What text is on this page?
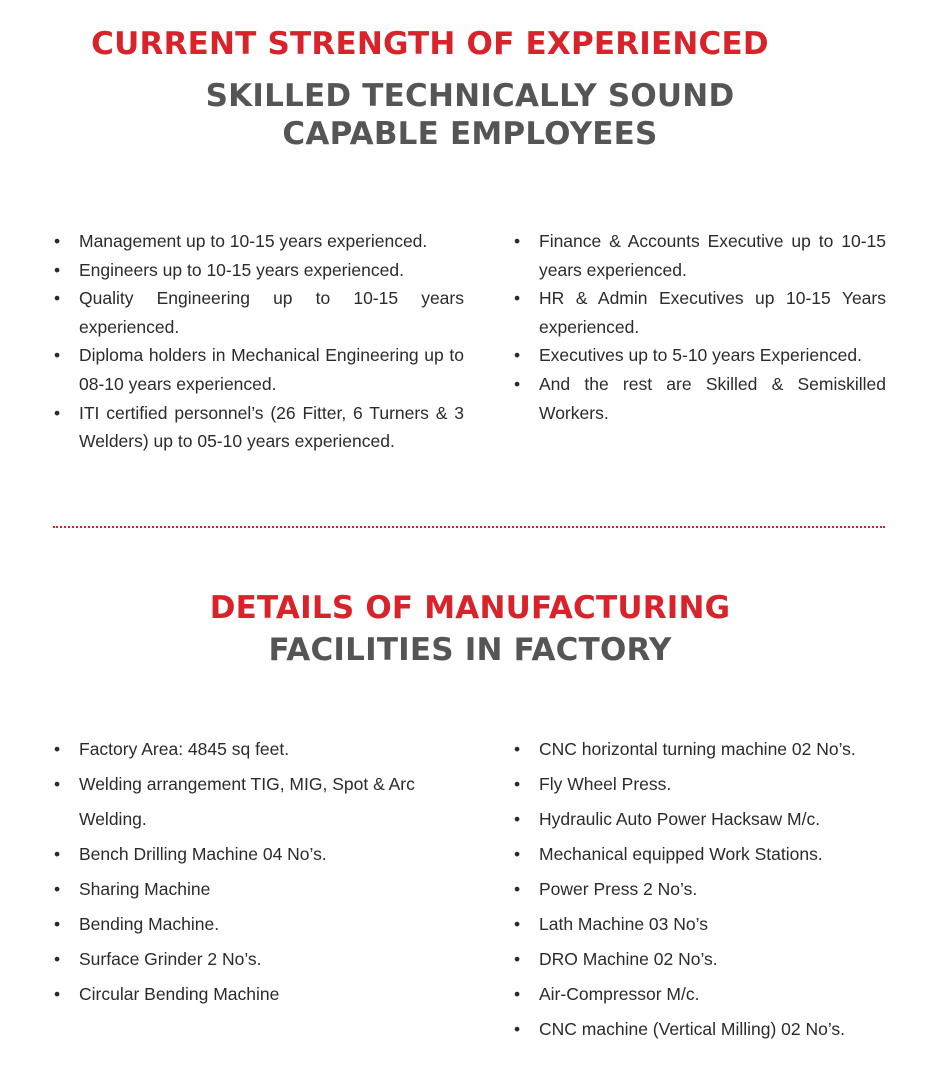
CURRENT STRENGTH OF EXPERIENCED
SKILLED TECHNICALLY SOUND
CAPABLE EMPLOYEES
• Management up to 10-15 years experienced.
• Engineers up to 10-15 years experienced.
• Quality Engineering up to 10-15 years experienced.
• Diploma holders in Mechanical Engineering up to 08-10 years experienced.
• ITI certified personnel’s (26 Fitter, 6 Turners & 3 Welders) up to 05-10 years experienced.
• Finance & Accounts Executive up to 10-15 years experienced.
• HR & Admin Executives up 10-15 Years experienced.
• Executives up to 5-10 years Experienced.
• And the rest are Skilled & Semiskilled Workers.
DETAILS OF MANUFACTURING
FACILITIES IN FACTORY
• Factory Area: 4845 sq feet.
• Welding arrangement TIG, MIG, Spot & Arc Welding.
• Bench Drilling Machine 04 No’s.
• Sharing Machine
• Bending Machine.
• Surface Grinder 2 No’s.
• Circular Bending Machine
• CNC horizontal turning machine 02 No’s.
• Fly Wheel Press.
• Hydraulic Auto Power Hacksaw M/c.
• Mechanical equipped Work Stations.
• Power Press 2 No’s.
• Lath Machine 03 No’s
• DRO Machine 02 No’s.
• Air-Compressor M/c.
• CNC machine (Vertical Milling) 02 No’s.
